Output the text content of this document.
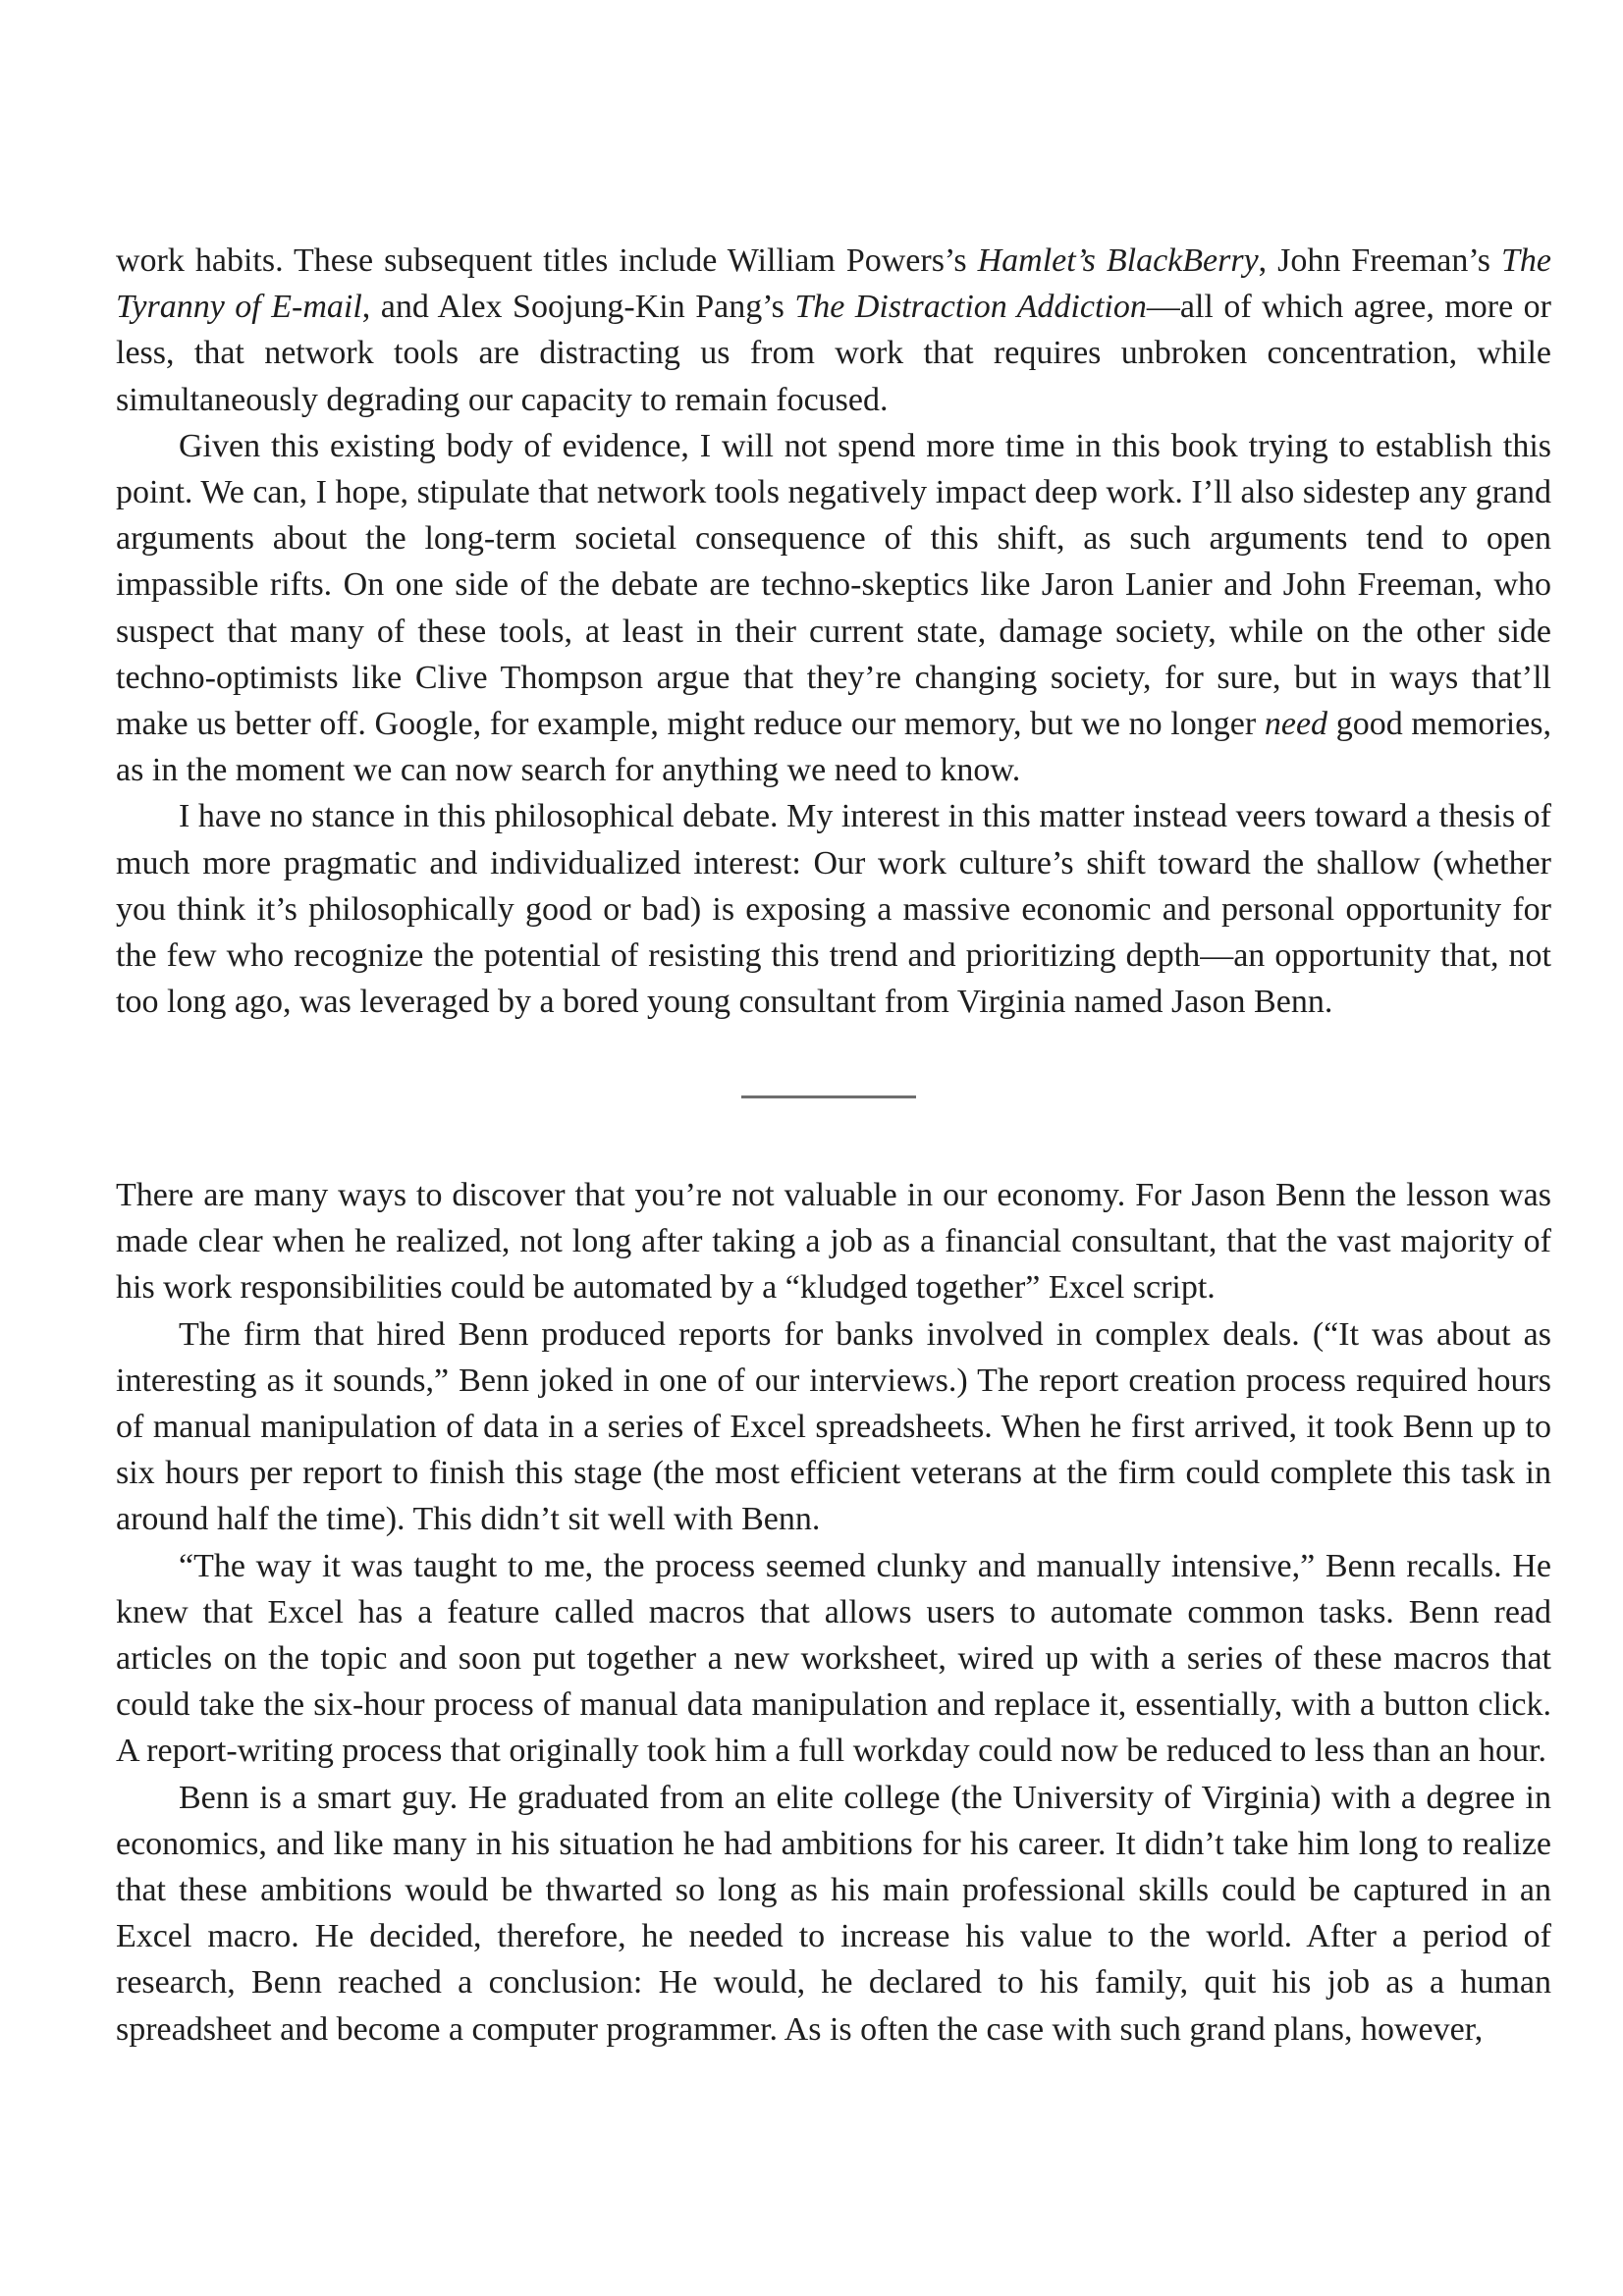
work habits. These subsequent titles include William Powers’s Hamlet’s BlackBerry, John Freeman’s The Tyranny of E-mail, and Alex Soojung-Kin Pang’s The Distraction Addiction—all of which agree, more or less, that network tools are distracting us from work that requires unbroken concentration, while simultaneously degrading our capacity to remain focused.

Given this existing body of evidence, I will not spend more time in this book trying to establish this point. We can, I hope, stipulate that network tools negatively impact deep work. I’ll also sidestep any grand arguments about the long-term societal consequence of this shift, as such arguments tend to open impassible rifts. On one side of the debate are techno-skeptics like Jaron Lanier and John Freeman, who suspect that many of these tools, at least in their current state, damage society, while on the other side techno-optimists like Clive Thompson argue that they’re changing society, for sure, but in ways that’ll make us better off. Google, for example, might reduce our memory, but we no longer need good memories, as in the moment we can now search for anything we need to know.

I have no stance in this philosophical debate. My interest in this matter instead veers toward a thesis of much more pragmatic and individualized interest: Our work culture’s shift toward the shallow (whether you think it’s philosophically good or bad) is exposing a massive economic and personal opportunity for the few who recognize the potential of resisting this trend and prioritizing depth—an opportunity that, not too long ago, was leveraged by a bored young consultant from Virginia named Jason Benn.

There are many ways to discover that you’re not valuable in our economy. For Jason Benn the lesson was made clear when he realized, not long after taking a job as a financial consultant, that the vast majority of his work responsibilities could be automated by a “kludged together” Excel script.

The firm that hired Benn produced reports for banks involved in complex deals. (“It was about as interesting as it sounds,” Benn joked in one of our interviews.) The report creation process required hours of manual manipulation of data in a series of Excel spreadsheets. When he first arrived, it took Benn up to six hours per report to finish this stage (the most efficient veterans at the firm could complete this task in around half the time). This didn’t sit well with Benn.

“The way it was taught to me, the process seemed clunky and manually intensive,” Benn recalls. He knew that Excel has a feature called macros that allows users to automate common tasks. Benn read articles on the topic and soon put together a new worksheet, wired up with a series of these macros that could take the six-hour process of manual data manipulation and replace it, essentially, with a button click. A report-writing process that originally took him a full workday could now be reduced to less than an hour.

Benn is a smart guy. He graduated from an elite college (the University of Virginia) with a degree in economics, and like many in his situation he had ambitions for his career. It didn’t take him long to realize that these ambitions would be thwarted so long as his main professional skills could be captured in an Excel macro. He decided, therefore, he needed to increase his value to the world. After a period of research, Benn reached a conclusion: He would, he declared to his family, quit his job as a human spreadsheet and become a computer programmer. As is often the case with such grand plans, however,
